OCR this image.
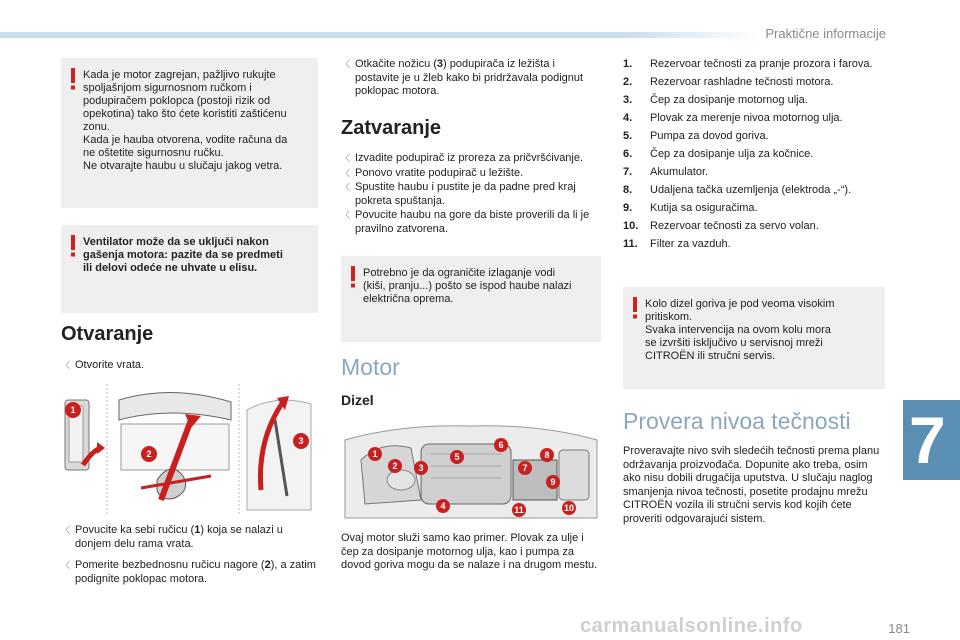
Praktične informacije
7
Kada je motor zagrejan, pažljivo rukujte
spoljašnjom sigurnosnom ručkom i
podupiračem poklopca (postoji rizik od
opekotina) tako što ćete koristiti zaštićenu
zonu.
Kada je hauba otvorena, vodite računa da
ne oštetite sigurnosnu ručku.
Ne otvarajte haubu u slučaju jakog vetra.
Ventilator može da se uključi nakon
gašenja motora: pazite da se predmeti
ili delovi odeće ne uhvate u elisu.
Otvaranje
〈 Otvorite vrata.
1
2
3
〈 Povucite ka sebi ručicu (1) koja se nalazi u donjem delu rama vrata.
〈 Pomerite bezbednosnu ručicu nagore (2), a zatim podignite poklopac motora.
〈 Otkačite nožicu (3) podupirača iz ležišta i postavite je u žleb kako bi pridržavala podignut poklopac motora.
Zatvaranje
〈 Izvadite podupirač iz proreza za pričvršćivanje.
〈 Ponovo vratite podupirač u ležište.
〈 Spustite haubu i pustite je da padne pred kraj pokreta spuštanja.
〈 Povucite haubu na gore da biste proverili da li je pravilno zatvorena.
Potrebno je da ograničite izlaganje vodi
(kiši, pranju...) pošto se ispod haube nalazi
električna oprema.
Motor
Dizel
1
2 3
4
5
6
7
8
9
10
11
Ovaj motor služi samo kao primer. Plovak za ulje i čep za dosipanje motornog ulja, kao i pumpa za dovod goriva mogu da se nalaze i na drugom mestu.
1. Rezervoar tečnosti za pranje prozora i farova.
2. Rezervoar rashladne tečnosti motora.
3. Čep za dosipanje motornog ulja.
4. Plovak za merenje nivoa motornog ulja.
5. Pumpa za dovod goriva.
6. Čep za dosipanje ulja za kočnice.
7. Akumulator.
8. Udaljena tačka uzemljenja (elektroda „-“).
9. Kutija sa osiguračima.
10. Rezervoar tečnosti za servo volan.
11. Filter za vazduh.
Kolo dizel goriva je pod veoma visokim
pritiskom.
Svaka intervencija na ovom kolu mora
se izvršiti isključivo u servisnoj mreži
CITROËN ili stručni servis.
Provera nivoa tečnosti
Proveravajte nivo svih sledećih tečnosti prema planu održavanja proizvođača. Dopunite ako treba, osim ako nisu dobili drugačija uputstva. U slučaju naglog smanjenja nivoa tečnosti, posetite prodajnu mrežu CITROËN vozila ili stručni servis kod kojih ćete proveriti odgovarajući sistem.
carmanualsonline.info	181
